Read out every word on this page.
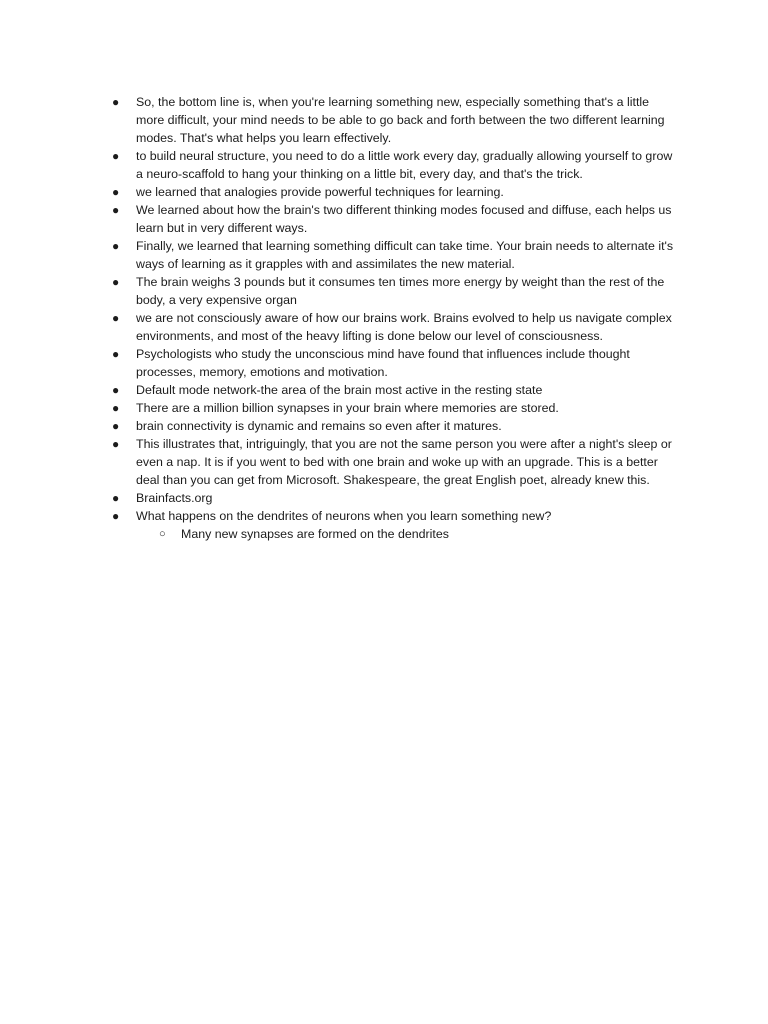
●	So, the bottom line is, when you're learning something new, especially something that's a little more difficult, your mind needs to be able to go back and forth between the two different learning modes. That's what helps you learn effectively.
●	to build neural structure, you need to do a little work every day, gradually allowing yourself to grow a neuro-scaffold to hang your thinking on a little bit, every day, and that's the trick.
●	we learned that analogies provide powerful techniques for learning.
●	We learned about how the brain's two different thinking modes focused and diffuse, each helps us learn but in very different ways.
●	Finally, we learned that learning something difficult can take time. Your brain needs to alternate it's ways of learning as it grapples with and assimilates the new material.
●	The brain weighs 3 pounds but it consumes ten times more energy by weight than the rest of the body, a very expensive organ
●	we are not consciously aware of how our brains work. Brains evolved to help us navigate complex environments, and most of the heavy lifting is done below our level of consciousness.
●	Psychologists who study the unconscious mind have found that influences include thought processes, memory, emotions and motivation.
●	Default mode network-the area of the brain most active in the resting state
●	There are a million billion synapses in your brain where memories are stored.
●	brain connectivity is dynamic and remains so even after it matures.
●	This illustrates that, intriguingly, that you are not the same person you were after a night's sleep or even a nap. It is if you went to bed with one brain and woke up with an upgrade. This is a better deal than you can get from Microsoft. Shakespeare, the great English poet, already knew this.
●	Brainfacts.org
●	What happens on the dendrites of neurons when you learn something new?
○	Many new synapses are formed on the dendrites
